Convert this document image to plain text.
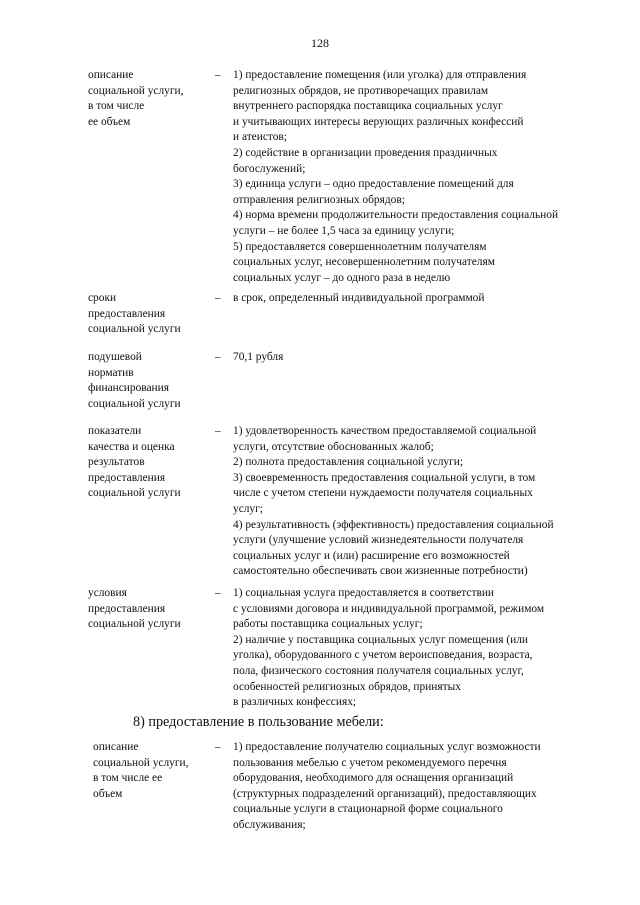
128
описание
социальной услуги,
в том числе
ее объем
– 1) предоставление помещения (или уголка) для отправления
религиозных обрядов, не противоречащих правилам
внутреннего распорядка поставщика социальных услуг
и учитывающих интересы верующих различных конфессий
и атеистов;
2) содействие в организации проведения праздничных
богослужений;
3) единица услуги – одно предоставление помещений для
отправления религиозных обрядов;
4) норма времени продолжительности предоставления социальной
услуги – не более 1,5 часа за единицу услуги;
5) предоставляется совершеннолетним получателям
социальных услуг, несовершеннолетним получателям
социальных услуг – до одного раза в неделю
сроки
предоставления
социальной услуги
– в срок, определенный индивидуальной программой
подушевой
норматив
финансирования
социальной услуги
– 70,1 рубля
показатели
качества и оценка
результатов
предоставления
социальной услуги
– 1) удовлетворенность качеством предоставляемой социальной
услуги, отсутствие обоснованных жалоб;
2) полнота предоставления социальной услуги;
3) своевременность предоставления социальной услуги, в том
числе с учетом степени нуждаемости получателя социальных
услуг;
4) результативность (эффективность) предоставления социальной
услуги (улучшение условий жизнедеятельности получателя
социальных услуг и (или) расширение его возможностей
самостоятельно обеспечивать свои жизненные потребности)
условия
предоставления
социальной услуги
– 1) социальная услуга предоставляется в соответствии
с условиями договора и индивидуальной программой, режимом
работы поставщика социальных услуг;
2) наличие у поставщика социальных услуг помещения (или
уголка), оборудованного с учетом вероисповедания, возраста,
пола, физического состояния получателя социальных услуг,
особенностей религиозных обрядов, принятых
в различных конфессиях;
8) предоставление в пользование мебели:
описание
социальной услуги,
в том числе ее
объем
– 1) предоставление получателю социальных услуг возможности
пользования мебелью с учетом рекомендуемого перечня
оборудования, необходимого для оснащения организаций
(структурных подразделений организаций), предоставляющих
социальные услуги в стационарной форме социального
обслуживания;
